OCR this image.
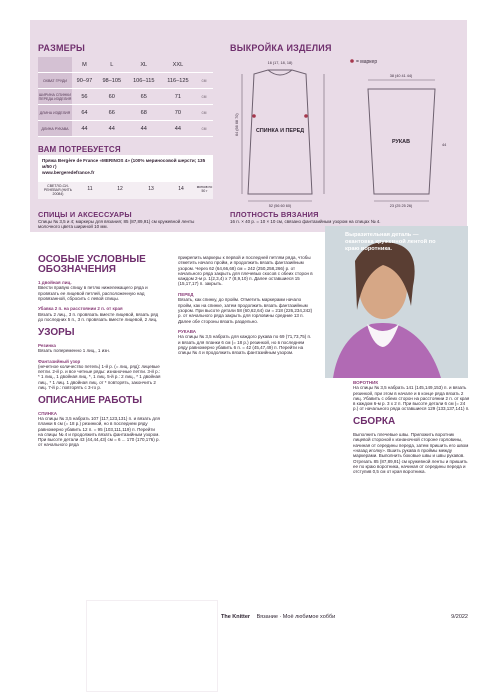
РАЗМЕРЫ
	M	L	XL	XXL	
ОХВАТ ГРУДИ	90–97	98–105	106–115	116–125	см
ШИРИНА СПИНКИ ПЕРЕДА ИЗДЕЛИЯ	56	60	65	71	см
ДЛИНА ИЗДЕЛИЯ	64	66	68	70	см
ДЛИНА РУКАВА	44	44	44	44	см
ВАМ ПОТРЕБУЕТСЯ
Пряжа Bergère de France «MERINOS 4» (100% мериносовой шерсти; 135 м/50 г)
www.bergeredefrance.fr
СВЕТЛО-СИ-РЕНЕВАЯ (НИТЬ 20084)
11	12	13	14	мотков по 50 г
СПИЦЫ И АКСЕССУАРЫ
Спицы № 3,5 и 4; маркеры для вязания; 85 (87,89,91) см кружевной ленты молочного цвета шириной 10 мм.
ПЛОТНОСТЬ ВЯЗАНИЯ
16 п. × 40 р. = 10 × 10 см, связано фантазийным узором на спицах № 4.
ВЫКРОЙКА ИЗДЕЛИЯ
= маркер
СПИНКА И ПЕРЕД
РУКАВ
16 (17, 18, 18)
52 (56 60 60)
38 (40 41 44)
23 (25 25 26)
64 (66 68 70)
44
Выразительная деталь — окантовка кружевной лентой по краю воротника.
ОСОБЫЕ УСЛОВНЫЕ ОБОЗНАЧЕНИЯ
1 двойная лиц.
Ввести правую спицу в петлю нижележащего ряда и провязать ее лицевой петлей, расположенную над провязанной, сбросить с левой спицы.

Убавка 2 п. на расстоянии 2 п. от края
Вязать 2 лиц., 3 п. провязать вместе лицевой, вязать ряд до последних 5 п., 3 п. провязать вместе лицевой, 2 лиц.

УЗОРЫ
Резинка
Вязать попеременно 1 лиц., 1 изн.

Фантазийный узор
(нечетное количество петель) 1-й р. (= лиц. ряд): лицевые петли. 2-й р. и все четные ряды: изнаночные петли. 3-й р.: * 1 лиц., 1 двойная лиц. *, 1 лиц. 5-й р.: 2 лиц., * 1 двойная лиц., * 1 лиц. 1 двойная лиц. от * повторять, закончить 2 лиц. 7-й р.: повторять с 3-го р.

ОПИСАНИЕ РАБОТЫ
СПИНКА
На спицы № 3,5 набрать 107 (117,123,131) п. и вязать для планки 6 см (= 18 р.) резинкой, но в последнем ряду равномерно убавить 12 п. = 95 (103,111,119) п. Перейти на спицы № 4 и продолжить вязать фантазийным узором. При высоте детали 43 (44,44,43) см = 6 ... 170 (170,176) р. от начального ряда
прикрепить маркеры к первой и последней петлям ряда, чтобы отметить начало пройм, и продолжить вязать фантазийным узором. Через 62 (64,66,68) см = 242 (250,258,266) р. от начального ряда закрыть для плечевых скосов с обеих сторон в каждом 2-м р. 1(2,3,4) х 7 (8,9,10) п. Далее оставшиеся 15 (15,17,17) п. закрыть.

ПЕРЕД
Вязать, как спинку, до пройм. Отметить маркерами начало пройм, как на спинке, затем продолжить вязать фантазийным узором. При высоте детали 58 (60,62,64) см = 218 (226,234,242) р. от начального ряда закрыть для горловины средние 13 п. Далее обе стороны вязать раздельно.

РУКАВА
На спицы № 3,5 набрать для каждого рукава по 69 (71,73,75) п. и вязать для планки 6 см (= 18 р.) резинкой, но в последнем ряду равномерно убавить 6 п. = 42 (45,47,49) п. Перейти на спицы № 4 и продолжить вязать фантазийным узором.
ВОРОТНИК
На спицы № 3,5 набрать 141 (145,149,153) п. и вязать резинкой, при этом в начале и в конце ряда вязать 2 лиц. Убавить с обеих сторон на расстоянии 2 п. от края в каждом 6-м р. 3 х 2 п. При высоте детали 6 см (= 24 р.) от начального ряда оставшиеся 129 (133,137,141) п.

СБОРКА
Выполнить плечевые швы. Приложить воротник лицевой стороной к изнаночной стороне горловины, начиная от середины переда, затем пришить его швом «назад иголку». Вшить рукава в проймы между маркерами. Выполнить боковые швы и швы рукавов. Отрезать 85 (87,89,91) см кружевной ленты и пришить ее по краю воротника, начиная от середины переда и отступив 0,5 см от края воротника.
The Knitter Вязание · Моё любимое хобби	9/2022
